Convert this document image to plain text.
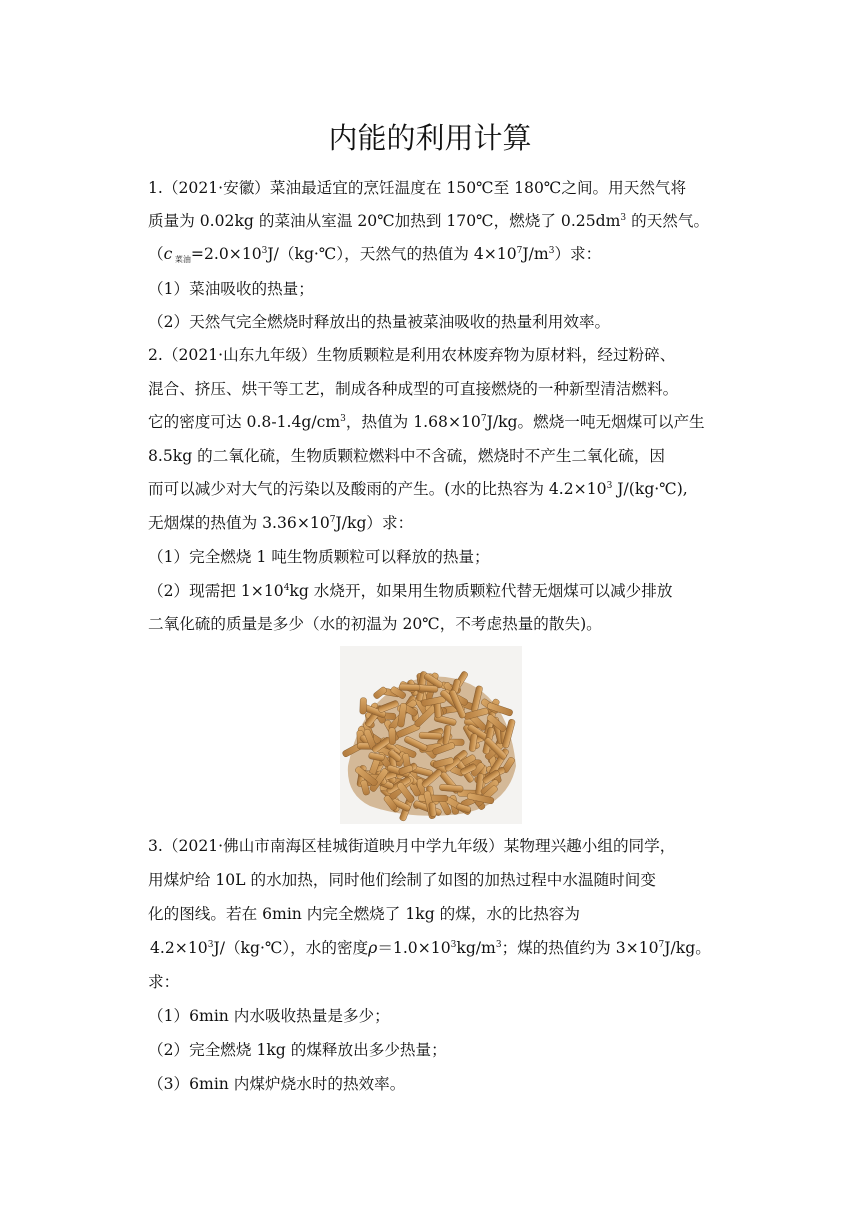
内能的利用计算
1.（2021·安徽）菜油最适宜的烹饪温度在 150℃至 180℃之间。用天然气将
质量为 0.02kg 的菜油从室温 20℃加热到 170℃，燃烧了 $0.25dm^3$ 的天然气。
（c $_{菜油}=2.0\times 10^3J/(kg\cdot℃)$，天然气的热值为 $4\times 10^7J/m^3$）求：
（1）菜油吸收的热量；
（2）天然气完全燃烧时释放出的热量被菜油吸收的热量利用效率。
2.（2021·山东九年级）生物质颗粒是利用农林废弃物为原材料，经过粉碎、
混合、挤压、烘干等工艺，制成各种成型的可直接燃烧的一种新型清洁燃料。
它的密度可达 $0.8-1.4g/cm^3$，热值为 $1.68\times 10^7J/kg$。燃烧一吨无烟煤可以产生
8.5kg 的二氧化硫，生物质颗粒燃料中不含硫，燃烧时不产生二氧化硫，因
而可以减少对大气的污染以及酸雨的产生。(水的比热容为 $4.2\times 10^3$ J/(kg·℃),
无烟煤的热值为 $3.36\times 10^7J/kg$）求：
（1）完全燃烧 1 吨生物质颗粒可以释放的热量；
（2）现需把 $1\times 10^4kg$ 水烧开，如果用生物质颗粒代替无烟煤可以减少排放
二氧化硫的质量是多少（水的初温为 20℃，不考虑热量的散失)。
3.（2021·佛山市南海区桂城街道映月中学九年级）某物理兴趣小组的同学，
用煤炉给 10L 的水加热，同时他们绘制了如图的加热过程中水温随时间变
化的图线。若在 6min 内完全燃烧了 1kg 的煤，水的比热容为
$4.2\times 10^3J/(kg\cdot℃)$，水的密度$\rho=1.0\times 10^3kg/m^3$；煤的热值约为 $3\times 10^7J/kg$。
求：
（1）6min 内水吸收热量是多少；
（2）完全燃烧 1kg 的煤释放出多少热量；
（3）6min 内煤炉烧水时的热效率。
